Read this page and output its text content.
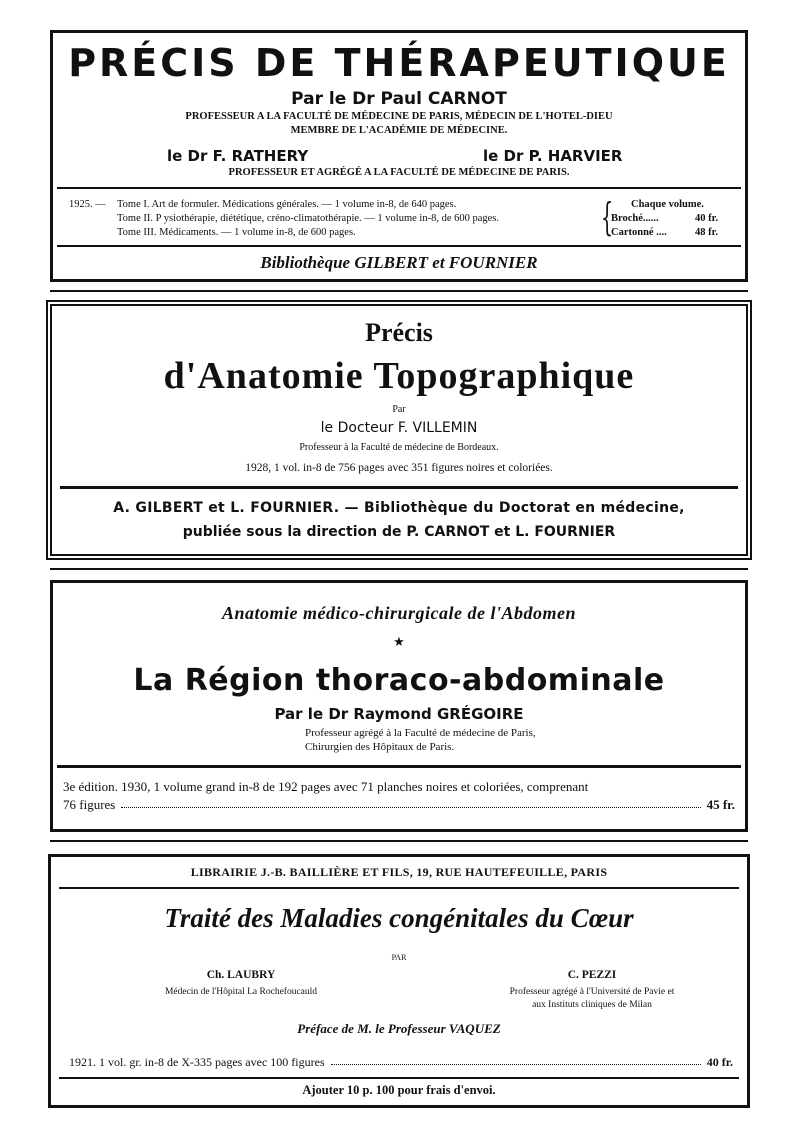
PRÉCIS DE THÉRAPEUTIQUE
Par le Dr Paul CARNOT
PROFESSEUR A LA FACULTÉ DE MÉDECINE DE PARIS, MÉDECIN DE L'HOTEL-DIEU
MEMBRE DE L'ACADÉMIE DE MÉDECINE.
le Dr F. RATHERY	le Dr P. HARVIER
PROFESSEUR ET AGRÉGÉ A LA FACULTÉ DE MÉDECINE DE PARIS.
1925. — Tome I. Art de formuler. Médications générales. — 1 volume in-8, de 640 pages.
Tome II. P ysiothérapie, diététique, créno-climatothérapie. — 1 volume in-8, de 600 pages.
Tome III. Médicaments. — 1 volume in-8, de 600 pages.	{ Chaque volume.
Broché......	40 fr.
Cartonné ....	48 fr.
Bibliothèque GILBERT et FOURNIER
Précis
d'Anatomie Topographique
Par
le Docteur F. VILLEMIN
Professeur à la Faculté de médecine de Bordeaux.
1928, 1 vol. in-8 de 756 pages avec 351 figures noires et coloriées.
A. GILBERT et L. FOURNIER. — Bibliothèque du Doctorat en médecine,
publiée sous la direction de P. CARNOT et L. FOURNIER
Anatomie médico-chirurgicale de l'Abdomen
★
La Région thoraco-abdominale
Par le Dr Raymond GRÉGOIRE
Professeur agrégé à la Faculté de médecine de Paris,
Chirurgien des Hôpitaux de Paris.
3e édition. 1930, 1 volume grand in-8 de 192 pages avec 71 planches noires et coloriées, comprenant
76 figures	45 fr.
LIBRAIRIE J.-B. BAILLIÈRE ET FILS, 19, RUE HAUTEFEUILLE, PARIS
Traité des Maladies congénitales du Cœur
PAR
Ch. LAUBRY
Médecin de l'Hôpital La Rochefoucauld
C. PEZZI
Professeur agrégé à l'Université de Pavie et
aux Instituts cliniques de Milan
Préface de M. le Professeur VAQUEZ
1921. 1 vol. gr. in-8 de X-335 pages avec 100 figures	40 fr.
Ajouter 10 p. 100 pour frais d'envoi.
